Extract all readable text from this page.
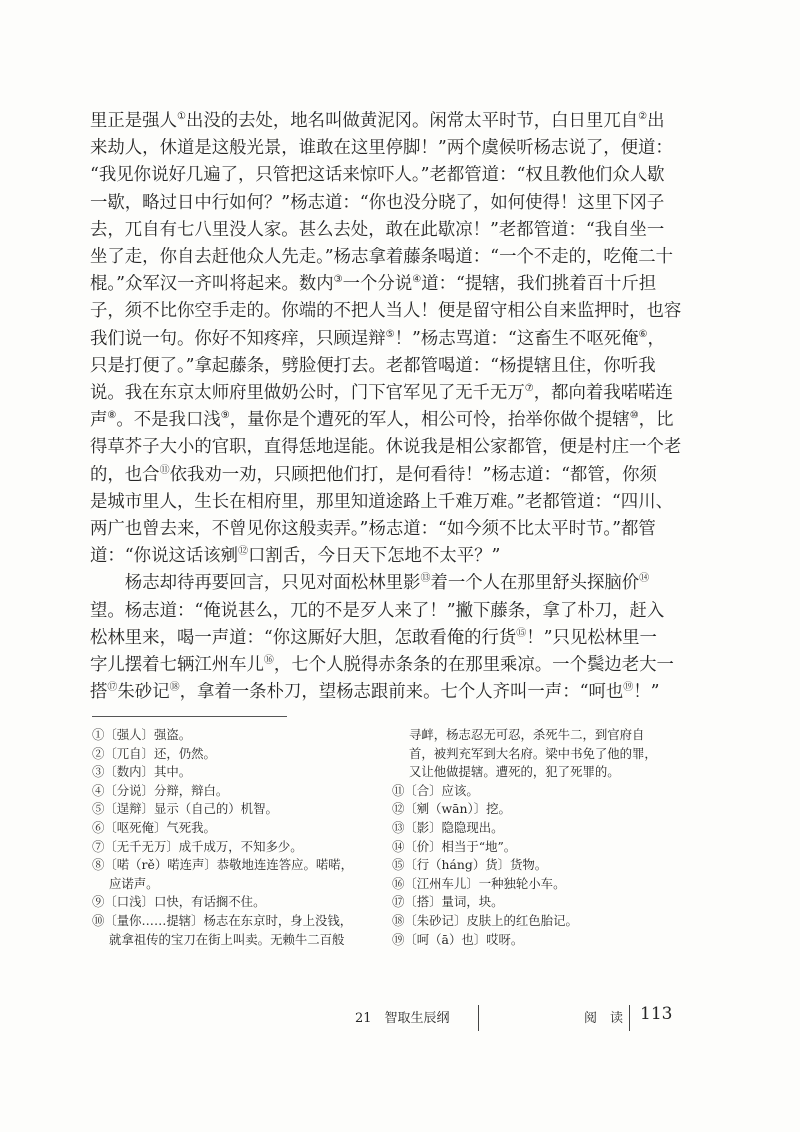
里正是强人①出没的去处，地名叫做黄泥冈。闲常太平时节，白日里兀自②出
来劫人，休道是这般光景，谁敢在这里停脚！”两个虞候听杨志说了，便道：
“我见你说好几遍了，只管把这话来惊吓人。”老都管道：“权且教他们众人歇
一歇，略过日中行如何？”杨志道：“你也没分晓了，如何使得！这里下冈子
去，兀自有七八里没人家。甚么去处，敢在此歇凉！”老都管道：“我自坐一
坐了走，你自去赶他众人先走。”杨志拿着藤条喝道：“一个不走的，吃俺二十
棍。”众军汉一齐叫将起来。数内③一个分说④道：“提辖，我们挑着百十斤担
子，须不比你空手走的。你端的不把人当人！便是留守相公自来监押时，也容
我们说一句。你好不知疼痒，只顾逞辩⑤！”杨志骂道：“这畜生不呕死俺⑥，
只是打便了。”拿起藤条，劈脸便打去。老都管喝道：“杨提辖且住，你听我
说。我在东京太师府里做奶公时，门下官军见了无千无万⑦，都向着我喏喏连
声⑧。不是我口浅⑨，量你是个遭死的军人，相公可怜，抬举你做个提辖⑩，比
得草芥子大小的官职，直得恁地逞能。休说我是相公家都管，便是村庄一个老
的，也合⑪依我劝一劝，只顾把他们打，是何看待！”杨志道：“都管，你须
是城市里人，生长在相府里，那里知道途路上千难万难。”老都管道：“四川、
两广也曾去来，不曾见你这般卖弄。”杨志道：“如今须不比太平时节。”都管
道：“你说这话该剜⑫口割舌，今日天下怎地不太平？”

杨志却待再要回言，只见对面松林里影⑬着一个人在那里舒头探脑价⑭
望。杨志道：“俺说甚么，兀的不是歹人来了！”撇下藤条，拿了朴刀，赶入
松林里来，喝一声道：“你这厮好大胆，怎敢看俺的行货⑮！”只见松林里一
字儿摆着七辆江州车儿⑯，七个人脱得赤条条的在那里乘凉。一个鬓边老大一
搭⑰朱砂记⑱，拿着一条朴刀，望杨志跟前来。七个人齐叫一声：“呵也⑲！”

①〔强人〕强盗。
②〔兀自〕还，仍然。
③〔数内〕其中。
④〔分说〕分辩，辩白。
⑤〔逞辩〕显示（自己的）机智。
⑥〔呕死俺〕气死我。
⑦〔无千无万〕成千成万，不知多少。
⑧〔喏（rě）喏连声〕恭敬地连连答应。喏喏，
应诺声。
⑨〔口浅〕口快，有话搁不住。
⑩〔量你……提辖〕杨志在东京时，身上没钱，
就拿祖传的宝刀在街上叫卖。无赖牛二百般
寻衅，杨志忍无可忍，杀死牛二，到官府自
首，被判充军到大名府。梁中书免了他的罪，
又让他做提辖。遭死的，犯了死罪的。
⑪〔合〕应该。
⑫〔剜（wān）〕挖。
⑬〔影〕隐隐现出。
⑭〔价〕相当于“地”。
⑮〔行（háng）货〕货物。
⑯〔江州车儿〕一种独轮小车。
⑰〔搭〕量词，块。
⑱〔朱砂记〕皮肤上的红色胎记。
⑲〔呵（ā）也〕哎呀。
21　智取生辰纲	阅　读 113
